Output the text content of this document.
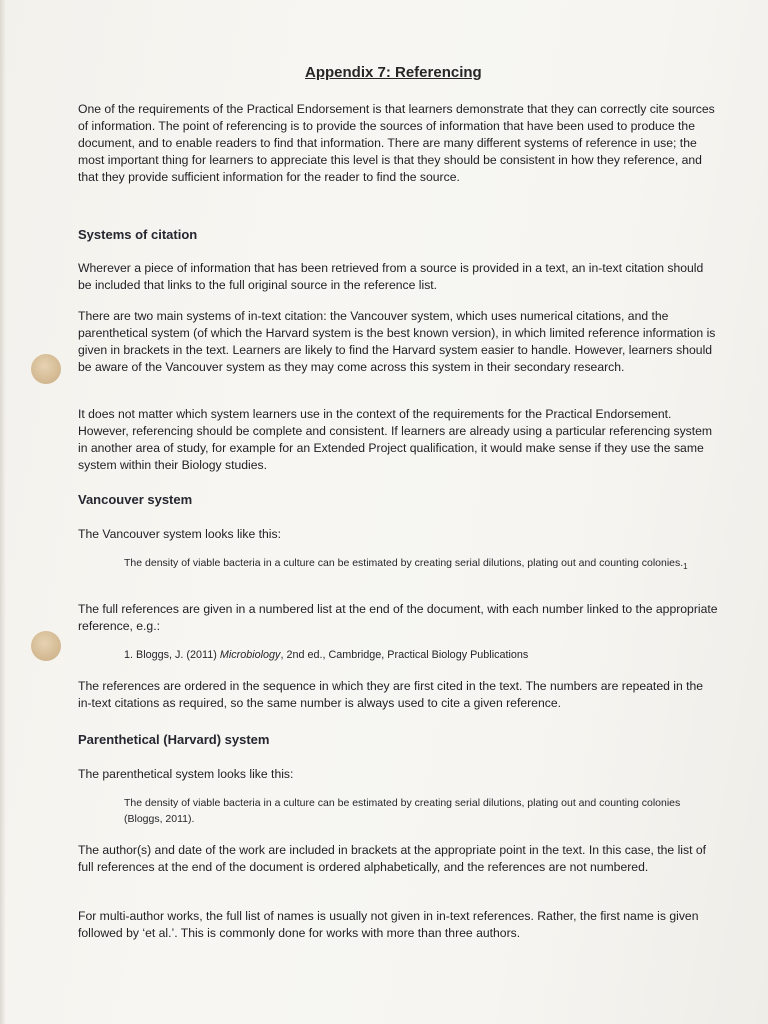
Appendix 7: Referencing
One of the requirements of the Practical Endorsement is that learners demonstrate that they can correctly cite sources of information. The point of referencing is to provide the sources of information that have been used to produce the document, and to enable readers to find that information. There are many different systems of reference in use; the most important thing for learners to appreciate this level is that they should be consistent in how they reference, and that they provide sufficient information for the reader to find the source.
Systems of citation
Wherever a piece of information that has been retrieved from a source is provided in a text, an in-text citation should be included that links to the full original source in the reference list.
There are two main systems of in-text citation: the Vancouver system, which uses numerical citations, and the parenthetical system (of which the Harvard system is the best known version), in which limited reference information is given in brackets in the text. Learners are likely to find the Harvard system easier to handle. However, learners should be aware of the Vancouver system as they may come across this system in their secondary research.
It does not matter which system learners use in the context of the requirements for the Practical Endorsement. However, referencing should be complete and consistent. If learners are already using a particular referencing system in another area of study, for example for an Extended Project qualification, it would make sense if they use the same system within their Biology studies.
Vancouver system
The Vancouver system looks like this:
The density of viable bacteria in a culture can be estimated by creating serial dilutions, plating out and counting $colonies._1$
The full references are given in a numbered list at the end of the document, with each number linked to the appropriate reference, e.g.:
1. Bloggs, J. (2011) Microbiology, 2nd ed., Cambridge, Practical Biology Publications
The references are ordered in the sequence in which they are first cited in the text. The numbers are repeated in the in-text citations as required, so the same number is always used to cite a given reference.
Parenthetical (Harvard) system
The parenthetical system looks like this:
The density of viable bacteria in a culture can be estimated by creating serial dilutions, plating out and counting colonies (Bloggs, 2011).
The author(s) and date of the work are included in brackets at the appropriate point in the text. In this case, the list of full references at the end of the document is ordered alphabetically, and the references are not numbered.
For multi-author works, the full list of names is usually not given in in-text references. Rather, the first name is given followed by ‘et al.’. This is commonly done for works with more than three authors.
